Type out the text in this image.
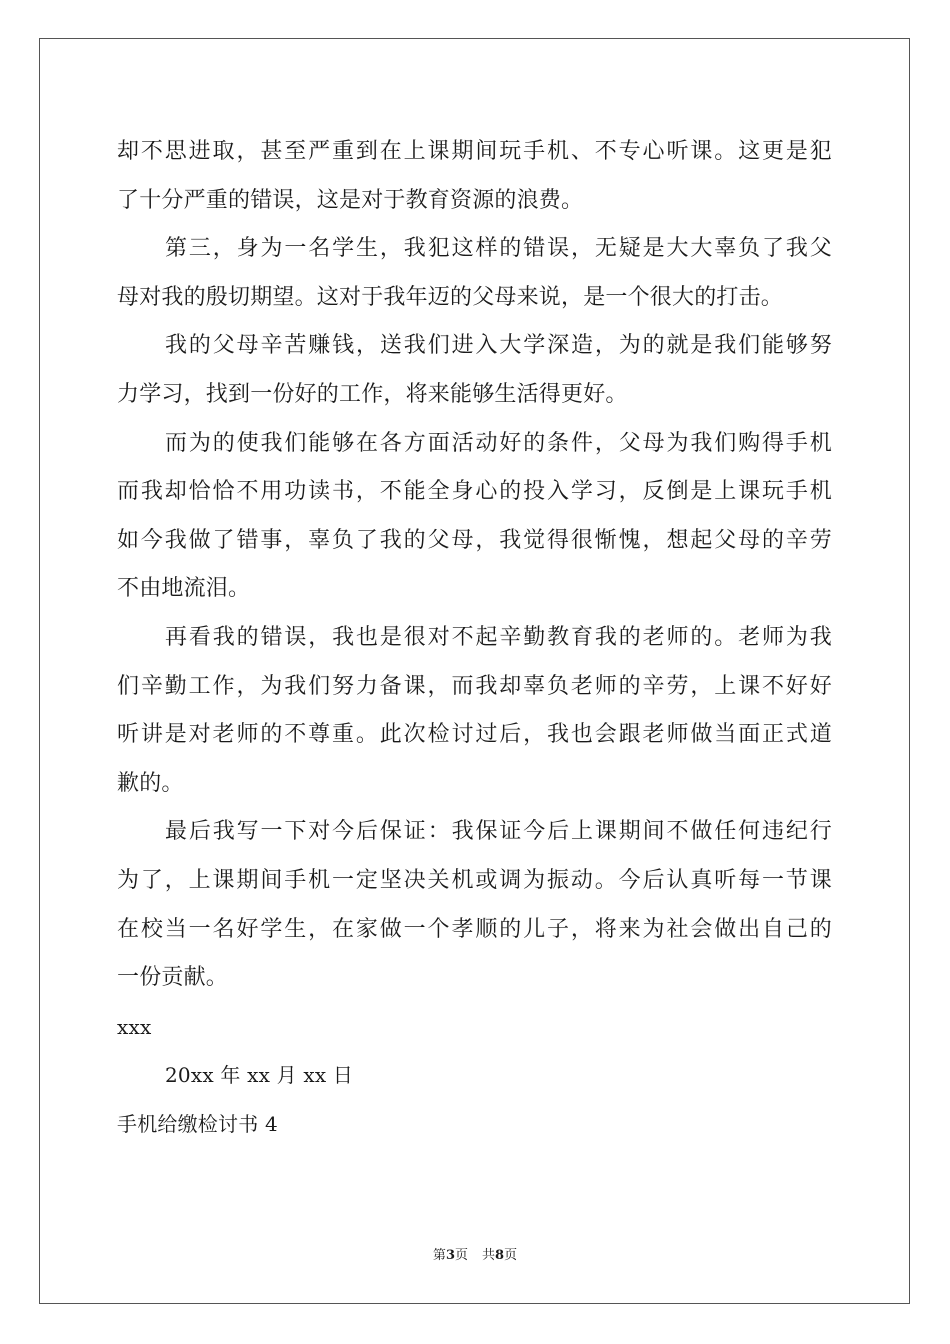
却不思进取，甚至严重到在上课期间玩手机、不专心听课。这更是犯
了十分严重的错误，这是对于教育资源的浪费。
第三，身为一名学生，我犯这样的错误，无疑是大大辜负了我父
母对我的殷切期望。这对于我年迈的父母来说，是一个很大的打击。
我的父母辛苦赚钱，送我们进入大学深造，为的就是我们能够努
力学习，找到一份好的工作，将来能够生活得更好。
而为的使我们能够在各方面活动好的条件，父母为我们购得手机
而我却恰恰不用功读书，不能全身心的投入学习，反倒是上课玩手机
如今我做了错事，辜负了我的父母，我觉得很惭愧，想起父母的辛劳
不由地流泪。
再看我的错误，我也是很对不起辛勤教育我的老师的。老师为我
们辛勤工作，为我们努力备课，而我却辜负老师的辛劳，上课不好好
听讲是对老师的不尊重。此次检讨过后，我也会跟老师做当面正式道
歉的。
最后我写一下对今后保证：我保证今后上课期间不做任何违纪行
为了，上课期间手机一定坚决关机或调为振动。今后认真听每一节课
在校当一名好学生，在家做一个孝顺的儿子，将来为社会做出自己的
一份贡献。
xxx
20xx 年 xx 月 xx 日
手机给缴检讨书 4
第3页 共8页
